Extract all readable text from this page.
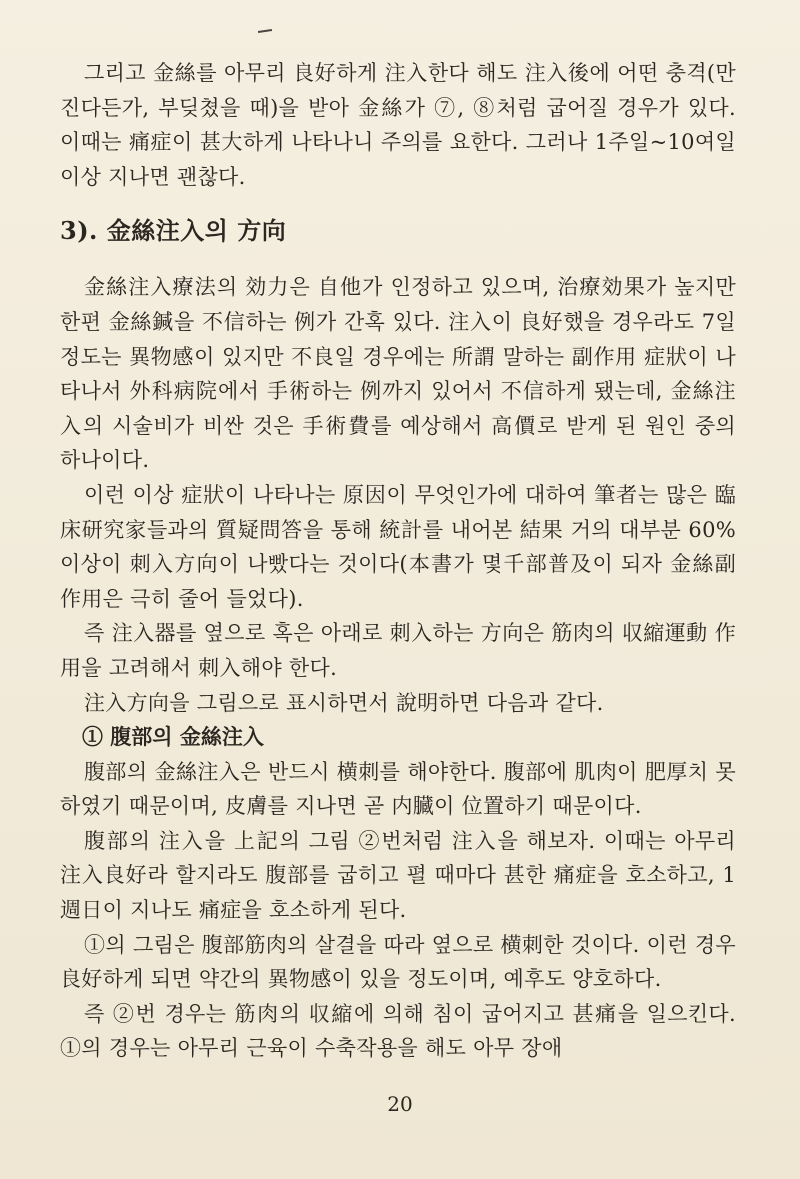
그리고 金絲를 아무리 良好하게 注入한다 해도 注入後에 어떤 충격(만진다든가, 부딪쳤을 때)을 받아 金絲가 ⑦, ⑧처럼 굽어질 경우가 있다. 이때는 痛症이 甚大하게 나타나니 주의를 요한다. 그러나 1주일~10여일 이상 지나면 괜찮다.

3). 金絲注入의 方向

金絲注入療法의 効力은 自他가 인정하고 있으며, 治療効果가 높지만 한편 金絲鍼을 不信하는 例가 간혹 있다. 注入이 良好했을 경우라도 7일 정도는 異物感이 있지만 不良일 경우에는 所謂 말하는 副作用 症狀이 나타나서 外科病院에서 手術하는 例까지 있어서 不信하게 됐는데, 金絲注入의 시술비가 비싼 것은 手術費를 예상해서 高價로 받게 된 원인 중의 하나이다.

이런 이상 症狀이 나타나는 原因이 무엇인가에 대하여 筆者는 많은 臨床研究家들과의 質疑問答을 통해 統計를 내어본 結果 거의 대부분 60% 이상이 刺入方向이 나빴다는 것이다(本書가 몇千部普及이 되자 金絲副作用은 극히 줄어 들었다).

즉 注入器를 옆으로 혹은 아래로 刺入하는 方向은 筋肉의 収縮運動 作用을 고려해서 刺入해야 한다.

注入方向을 그림으로 표시하면서 說明하면 다음과 같다.

① 腹部의 金絲注入

腹部의 金絲注入은 반드시 横刺를 해야한다. 腹部에 肌肉이 肥厚치 못하였기 때문이며, 皮膚를 지나면 곧 内臓이 位置하기 때문이다.

腹部의 注入을 上記의 그림 ②번처럼 注入을 해보자. 이때는 아무리 注入良好라 할지라도 腹部를 굽히고 펼 때마다 甚한 痛症을 호소하고, 1週日이 지나도 痛症을 호소하게 된다.

①의 그림은 腹部筋肉의 살결을 따라 옆으로 横刺한 것이다. 이런 경우 良好하게 되면 약간의 異物感이 있을 정도이며, 예후도 양호하다.

즉 ②번 경우는 筋肉의 収縮에 의해 침이 굽어지고 甚痛을 일으킨다. ①의 경우는 아무리 근육이 수축작용을 해도 아무 장애

20
